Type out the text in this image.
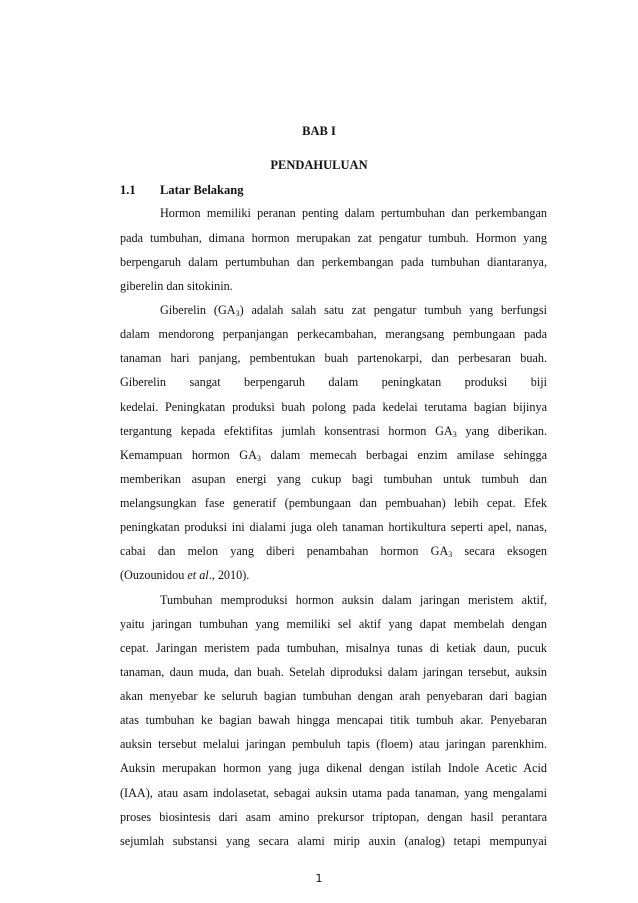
BAB I
PENDAHULUAN
1.1 Latar Belakang
Hormon memiliki peranan penting dalam pertumbuhan dan perkembangan
pada tumbuhan, dimana hormon merupakan zat pengatur tumbuh. Hormon yang
berpengaruh dalam pertumbuhan dan perkembangan pada tumbuhan diantaranya,
giberelin dan sitokinin.
Giberelin $(GA_3)$ adalah salah satu zat pengatur tumbuh yang berfungsi
dalam mendorong perpanjangan perkecambahan, merangsang pembungaan pada
tanaman hari panjang, pembentukan buah partenokarpi, dan perbesaran buah.
Giberelin sangat berpengaruh dalam peningkatan produksi biji
kedelai. Peningkatan produksi buah polong pada kedelai terutama bagian bijinya
tergantung kepada efektifitas jumlah konsentrasi hormon $GA_3$ yang diberikan.
Kemampuan hormon $GA_3$ dalam memecah berbagai enzim amilase sehingga
memberikan asupan energi yang cukup bagi tumbuhan untuk tumbuh dan
melangsungkan fase generatif (pembungaan dan pembuahan) lebih cepat. Efek
peningkatan produksi ini dialami juga oleh tanaman hortikultura seperti apel, nanas,
cabai dan melon yang diberi penambahan hormon $GA_3$ secara eksogen
(Ouzounidou et al., 2010).
Tumbuhan memproduksi hormon auksin dalam jaringan meristem aktif,
yaitu jaringan tumbuhan yang memiliki sel aktif yang dapat membelah dengan
cepat. Jaringan meristem pada tumbuhan, misalnya tunas di ketiak daun, pucuk
tanaman, daun muda, dan buah. Setelah diproduksi dalam jaringan tersebut, auksin
akan menyebar ke seluruh bagian tumbuhan dengan arah penyebaran dari bagian
atas tumbuhan ke bagian bawah hingga mencapai titik tumbuh akar. Penyebaran
auksin tersebut melalui jaringan pembuluh tapis (floem) atau jaringan parenkhim.
Auksin merupakan hormon yang juga dikenal dengan istilah Indole Acetic Acid
(IAA), atau asam indolasetat, sebagai auksin utama pada tanaman, yang mengalami
proses biosintesis dari asam amino prekursor triptopan, dengan hasil perantara
sejumlah substansi yang secara alami mirip auxin (analog) tetapi mempunyai
1
